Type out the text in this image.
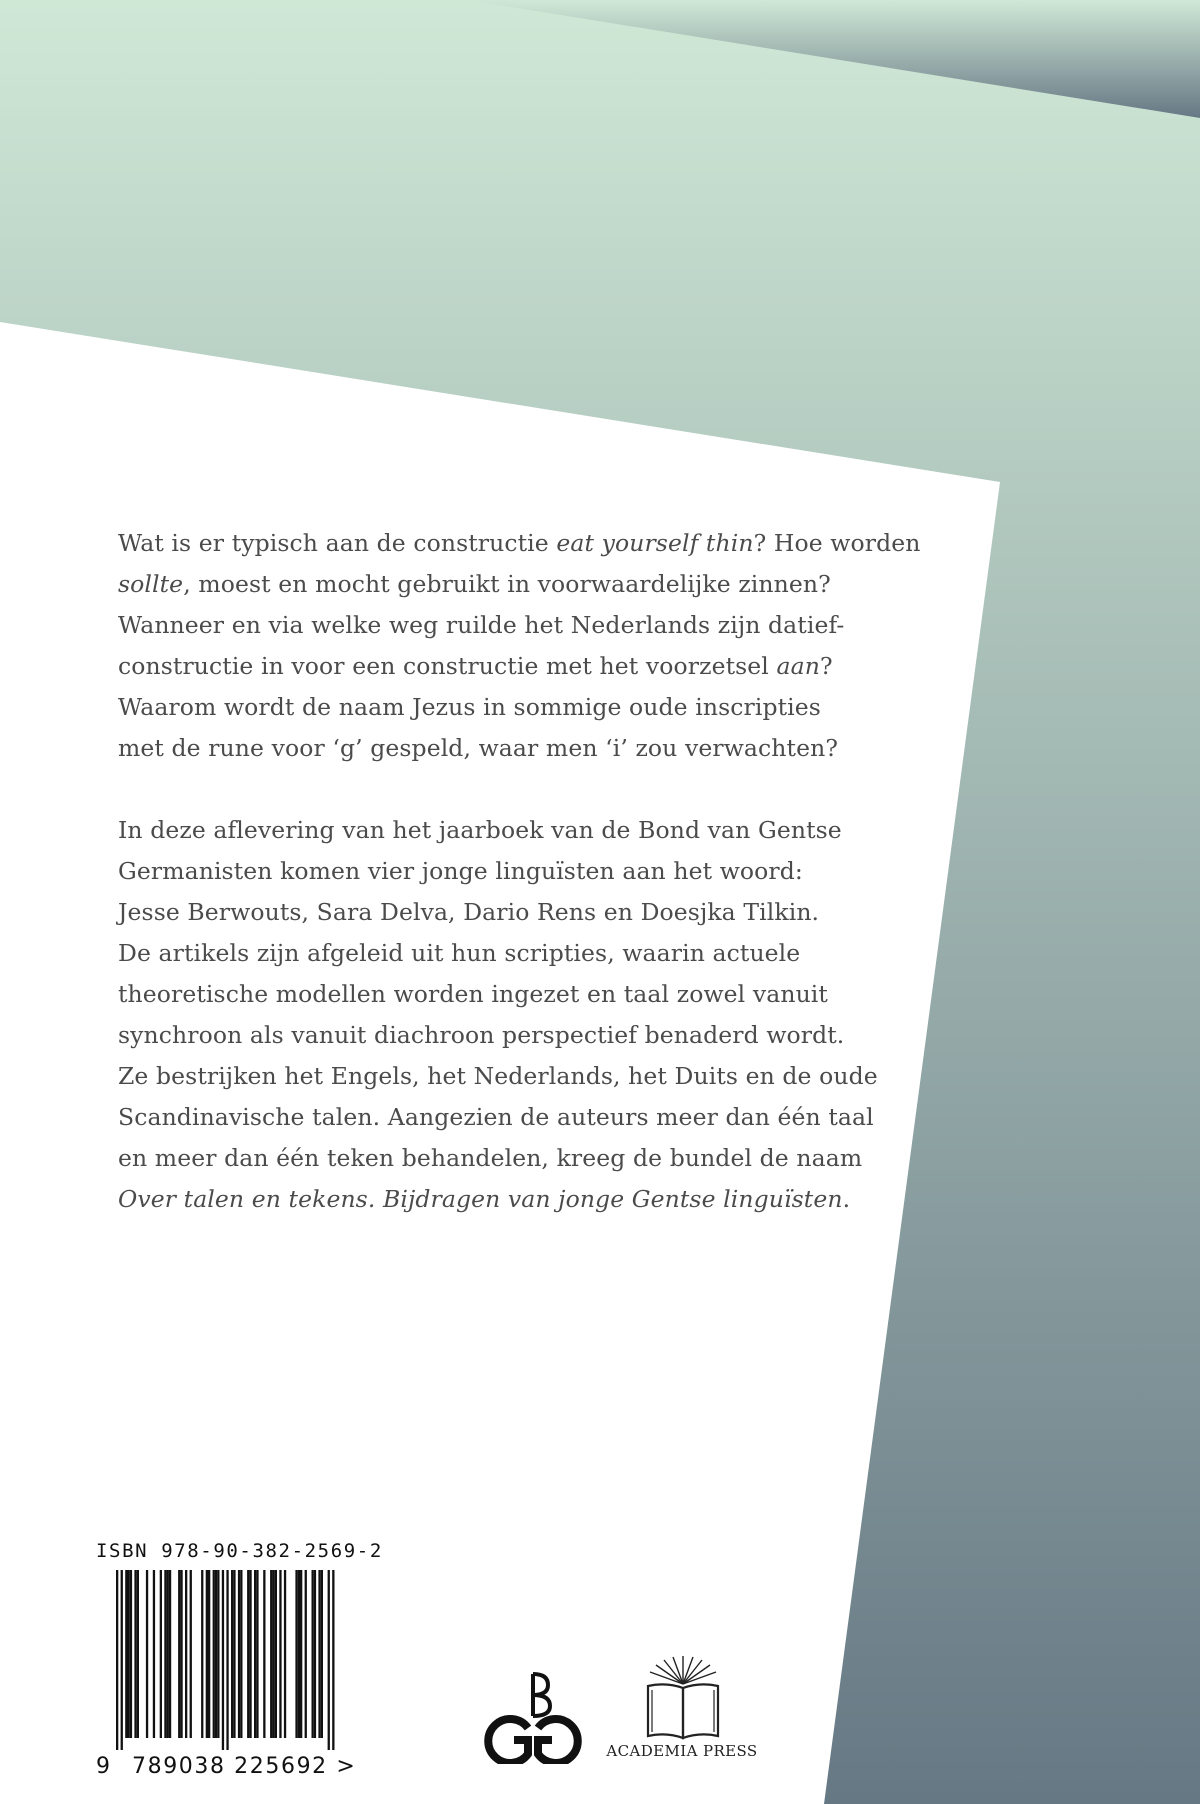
Wat is er typisch aan de constructie eat yourself thin? Hoe worden
sollte, moest en mocht gebruikt in voorwaardelijke zinnen?
Wanneer en via welke weg ruilde het Nederlands zijn datief-
constructie in voor een constructie met het voorzetsel aan?
Waarom wordt de naam Jezus in sommige oude inscripties
met de rune voor ‘g’ gespeld, waar men ‘i’ zou verwachten?

In deze aflevering van het jaarboek van de Bond van Gentse
Germanisten komen vier jonge linguïsten aan het woord:
Jesse Berwouts, Sara Delva, Dario Rens en Doesjka Tilkin.
De artikels zijn afgeleid uit hun scripties, waarin actuele
theoretische modellen worden ingezet en taal zowel vanuit
synchroon als vanuit diachroon perspectief benaderd wordt.
Ze bestrijken het Engels, het Nederlands, het Duits en de oude
Scandinavische talen. Aangezien de auteurs meer dan één taal
en meer dan één teken behandelen, kreeg de bundel de naam
Over talen en tekens. Bijdragen van jonge Gentse linguïsten.

ISBN 978-90-382-2569-2
9 789038 225692 >
ACADEMIA PRESS
